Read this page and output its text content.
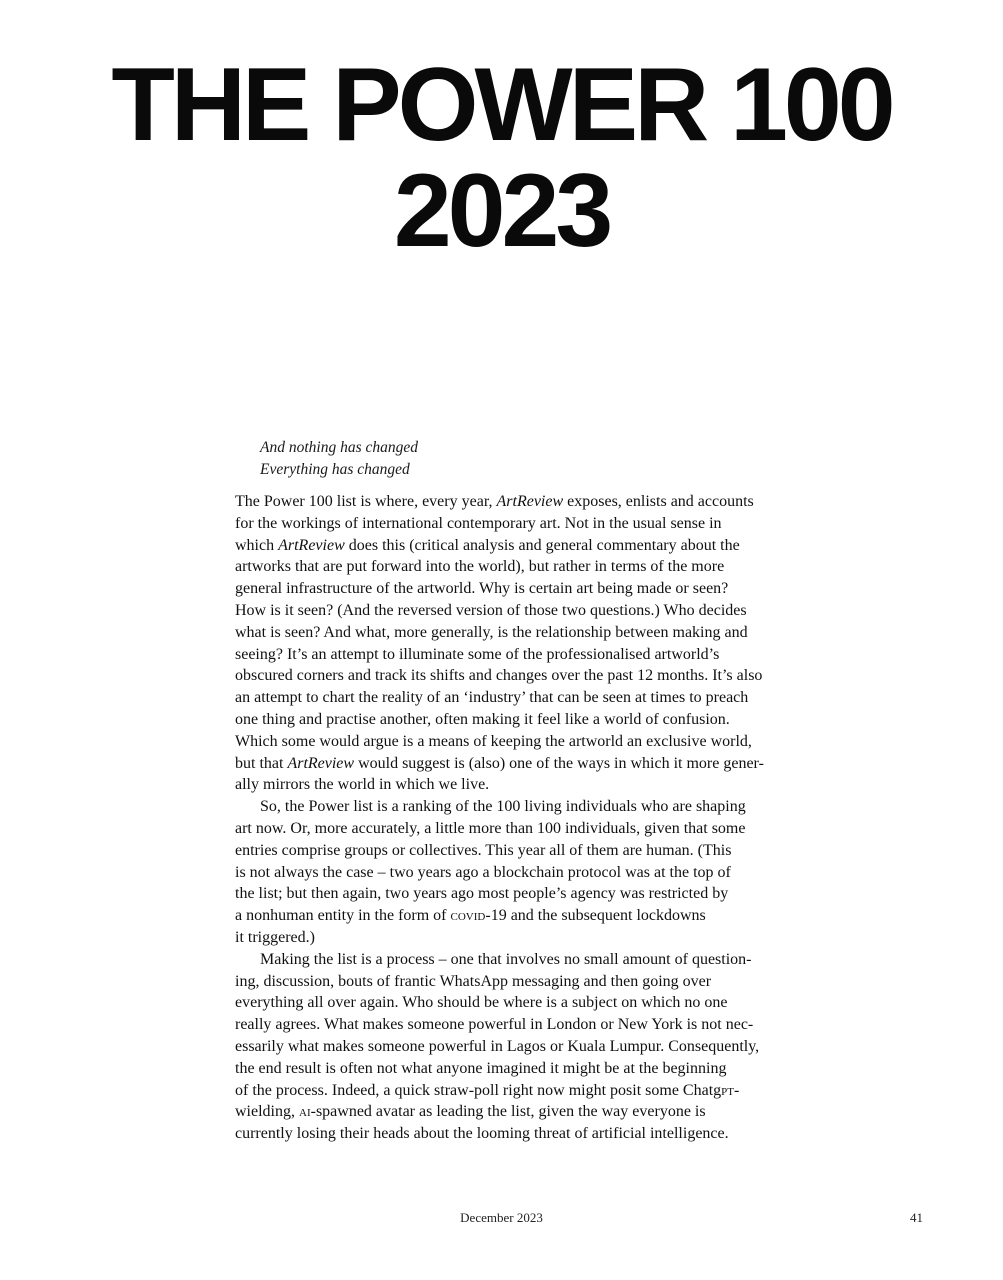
THE POWER 100
2023
And nothing has changed
Everything has changed
The Power 100 list is where, every year, ArtReview exposes, enlists and accounts
for the workings of international contemporary art. Not in the usual sense in
which ArtReview does this (critical analysis and general commentary about the
artworks that are put forward into the world), but rather in terms of the more
general infrastructure of the artworld. Why is certain art being made or seen?
How is it seen? (And the reversed version of those two questions.) Who decides
what is seen? And what, more generally, is the relationship between making and
seeing? It’s an attempt to illuminate some of the professionalised artworld’s
obscured corners and track its shifts and changes over the past 12 months. It’s also
an attempt to chart the reality of an ‘industry’ that can be seen at times to preach
one thing and practise another, often making it feel like a world of confusion.
Which some would argue is a means of keeping the artworld an exclusive world,
but that ArtReview would suggest is (also) one of the ways in which it more gener-
ally mirrors the world in which we live.
So, the Power list is a ranking of the 100 living individuals who are shaping
art now. Or, more accurately, a little more than 100 individuals, given that some
entries comprise groups or collectives. This year all of them are human. (This
is not always the case – two years ago a blockchain protocol was at the top of
the list; but then again, two years ago most people’s agency was restricted by
a nonhuman entity in the form of covid-19 and the subsequent lockdowns
it triggered.)
Making the list is a process – one that involves no small amount of question-
ing, discussion, bouts of frantic WhatsApp messaging and then going over
everything all over again. Who should be where is a subject on which no one
really agrees. What makes someone powerful in London or New York is not nec-
essarily what makes someone powerful in Lagos or Kuala Lumpur. Consequently,
the end result is often not what anyone imagined it might be at the beginning
of the process. Indeed, a quick straw-poll right now might posit some Chatgpt-
wielding, ai-spawned avatar as leading the list, given the way everyone is
currently losing their heads about the looming threat of artificial intelligence.
December 2023	41
